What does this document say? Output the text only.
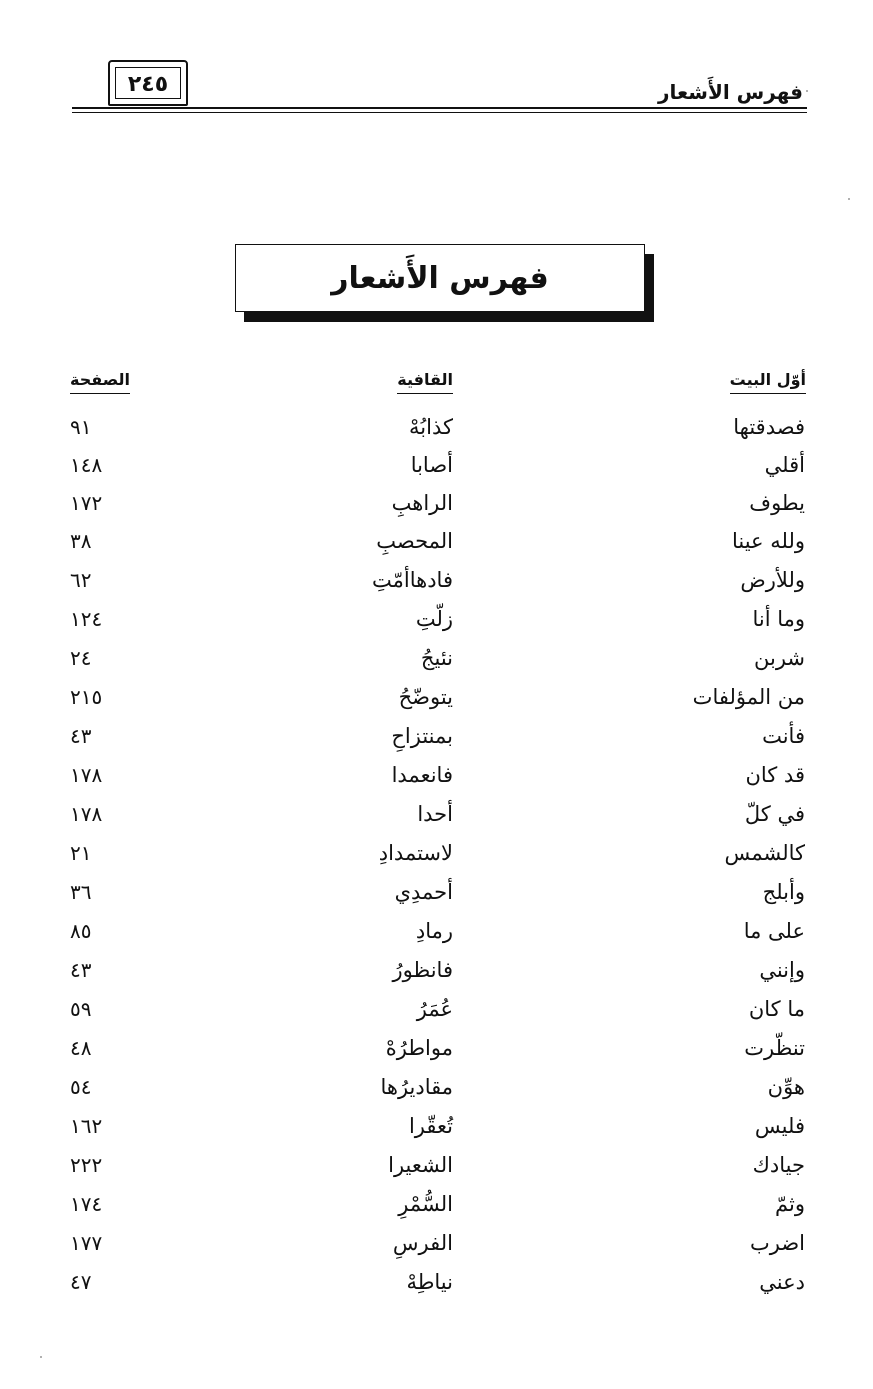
فهرس الأَشعار
٢٤٥
فهرس الأَشعار
أوّل البيت
القافية
الصفحة
فصدقتها
كذابُهْ
٩١
أقلي
أصابا
١٤٨
يطوف
الراهبِ
١٧٢
ولله عينا
المحصبِ
٣٨
وللأرض
فادهاأمّتِ
٦٢
وما أنا
زلّتِ
١٢٤
شربن
نئيجُ
٢٤
من المؤلفات
يتوضّحُ
٢١٥
فأنت
بمنتزاحِ
٤٣
قد كان
فانعمدا
١٧٨
في كلّ
أحدا
١٧٨
كالشمس
لاستمدادِ
٢١
وأبلج
أحمدِي
٣٦
على ما
رمادِ
٨٥
وإنني
فانظورُ
٤٣
ما كان
عُمَرُ
٥٩
تنظّرت
مواطرُهْ
٤٨
هوِّن
مقاديرُها
٥٤
فليس
تُعقّرا
١٦٢
جيادك
الشعيرا
٢٢٢
وثمّ
السُّمْرِ
١٧٤
اضرب
الفرسِ
١٧٧
دعني
نياطِهْ
٤٧
